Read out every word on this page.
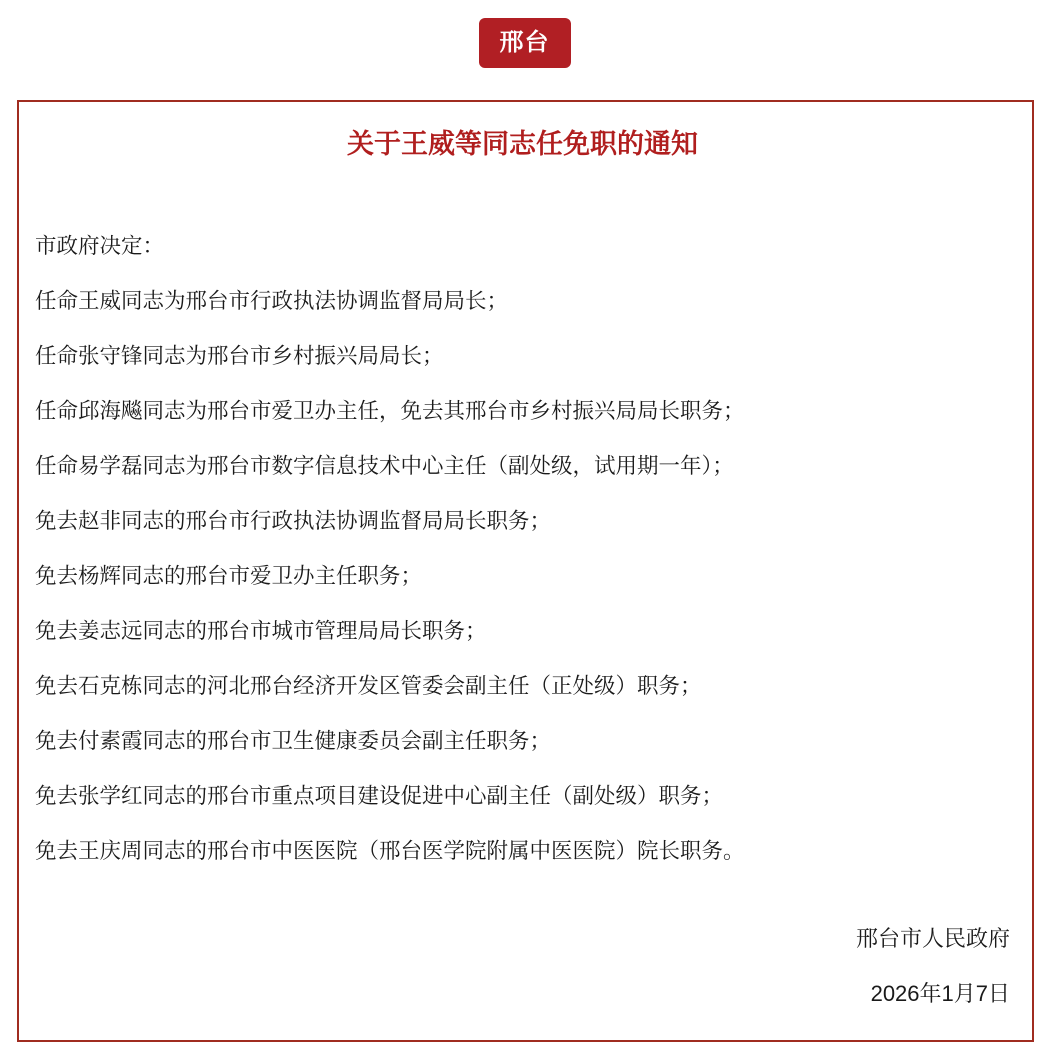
邢台
关于王威等同志任免职的通知

市政府决定：

任命王威同志为邢台市行政执法协调监督局局长；

任命张守锋同志为邢台市乡村振兴局局长；

任命邱海飚同志为邢台市爱卫办主任，免去其邢台市乡村振兴局局长职务；

任命易学磊同志为邢台市数字信息技术中心主任（副处级，试用期一年）；

免去赵非同志的邢台市行政执法协调监督局局长职务；

免去杨辉同志的邢台市爱卫办主任职务；

免去姜志远同志的邢台市城市管理局局长职务；

免去石克栋同志的河北邢台经济开发区管委会副主任（正处级）职务；

免去付素霞同志的邢台市卫生健康委员会副主任职务；

免去张学红同志的邢台市重点项目建设促进中心副主任（副处级）职务；

免去王庆周同志的邢台市中医医院（邢台医学院附属中医医院）院长职务。

邢台市人民政府

2026年1月7日
